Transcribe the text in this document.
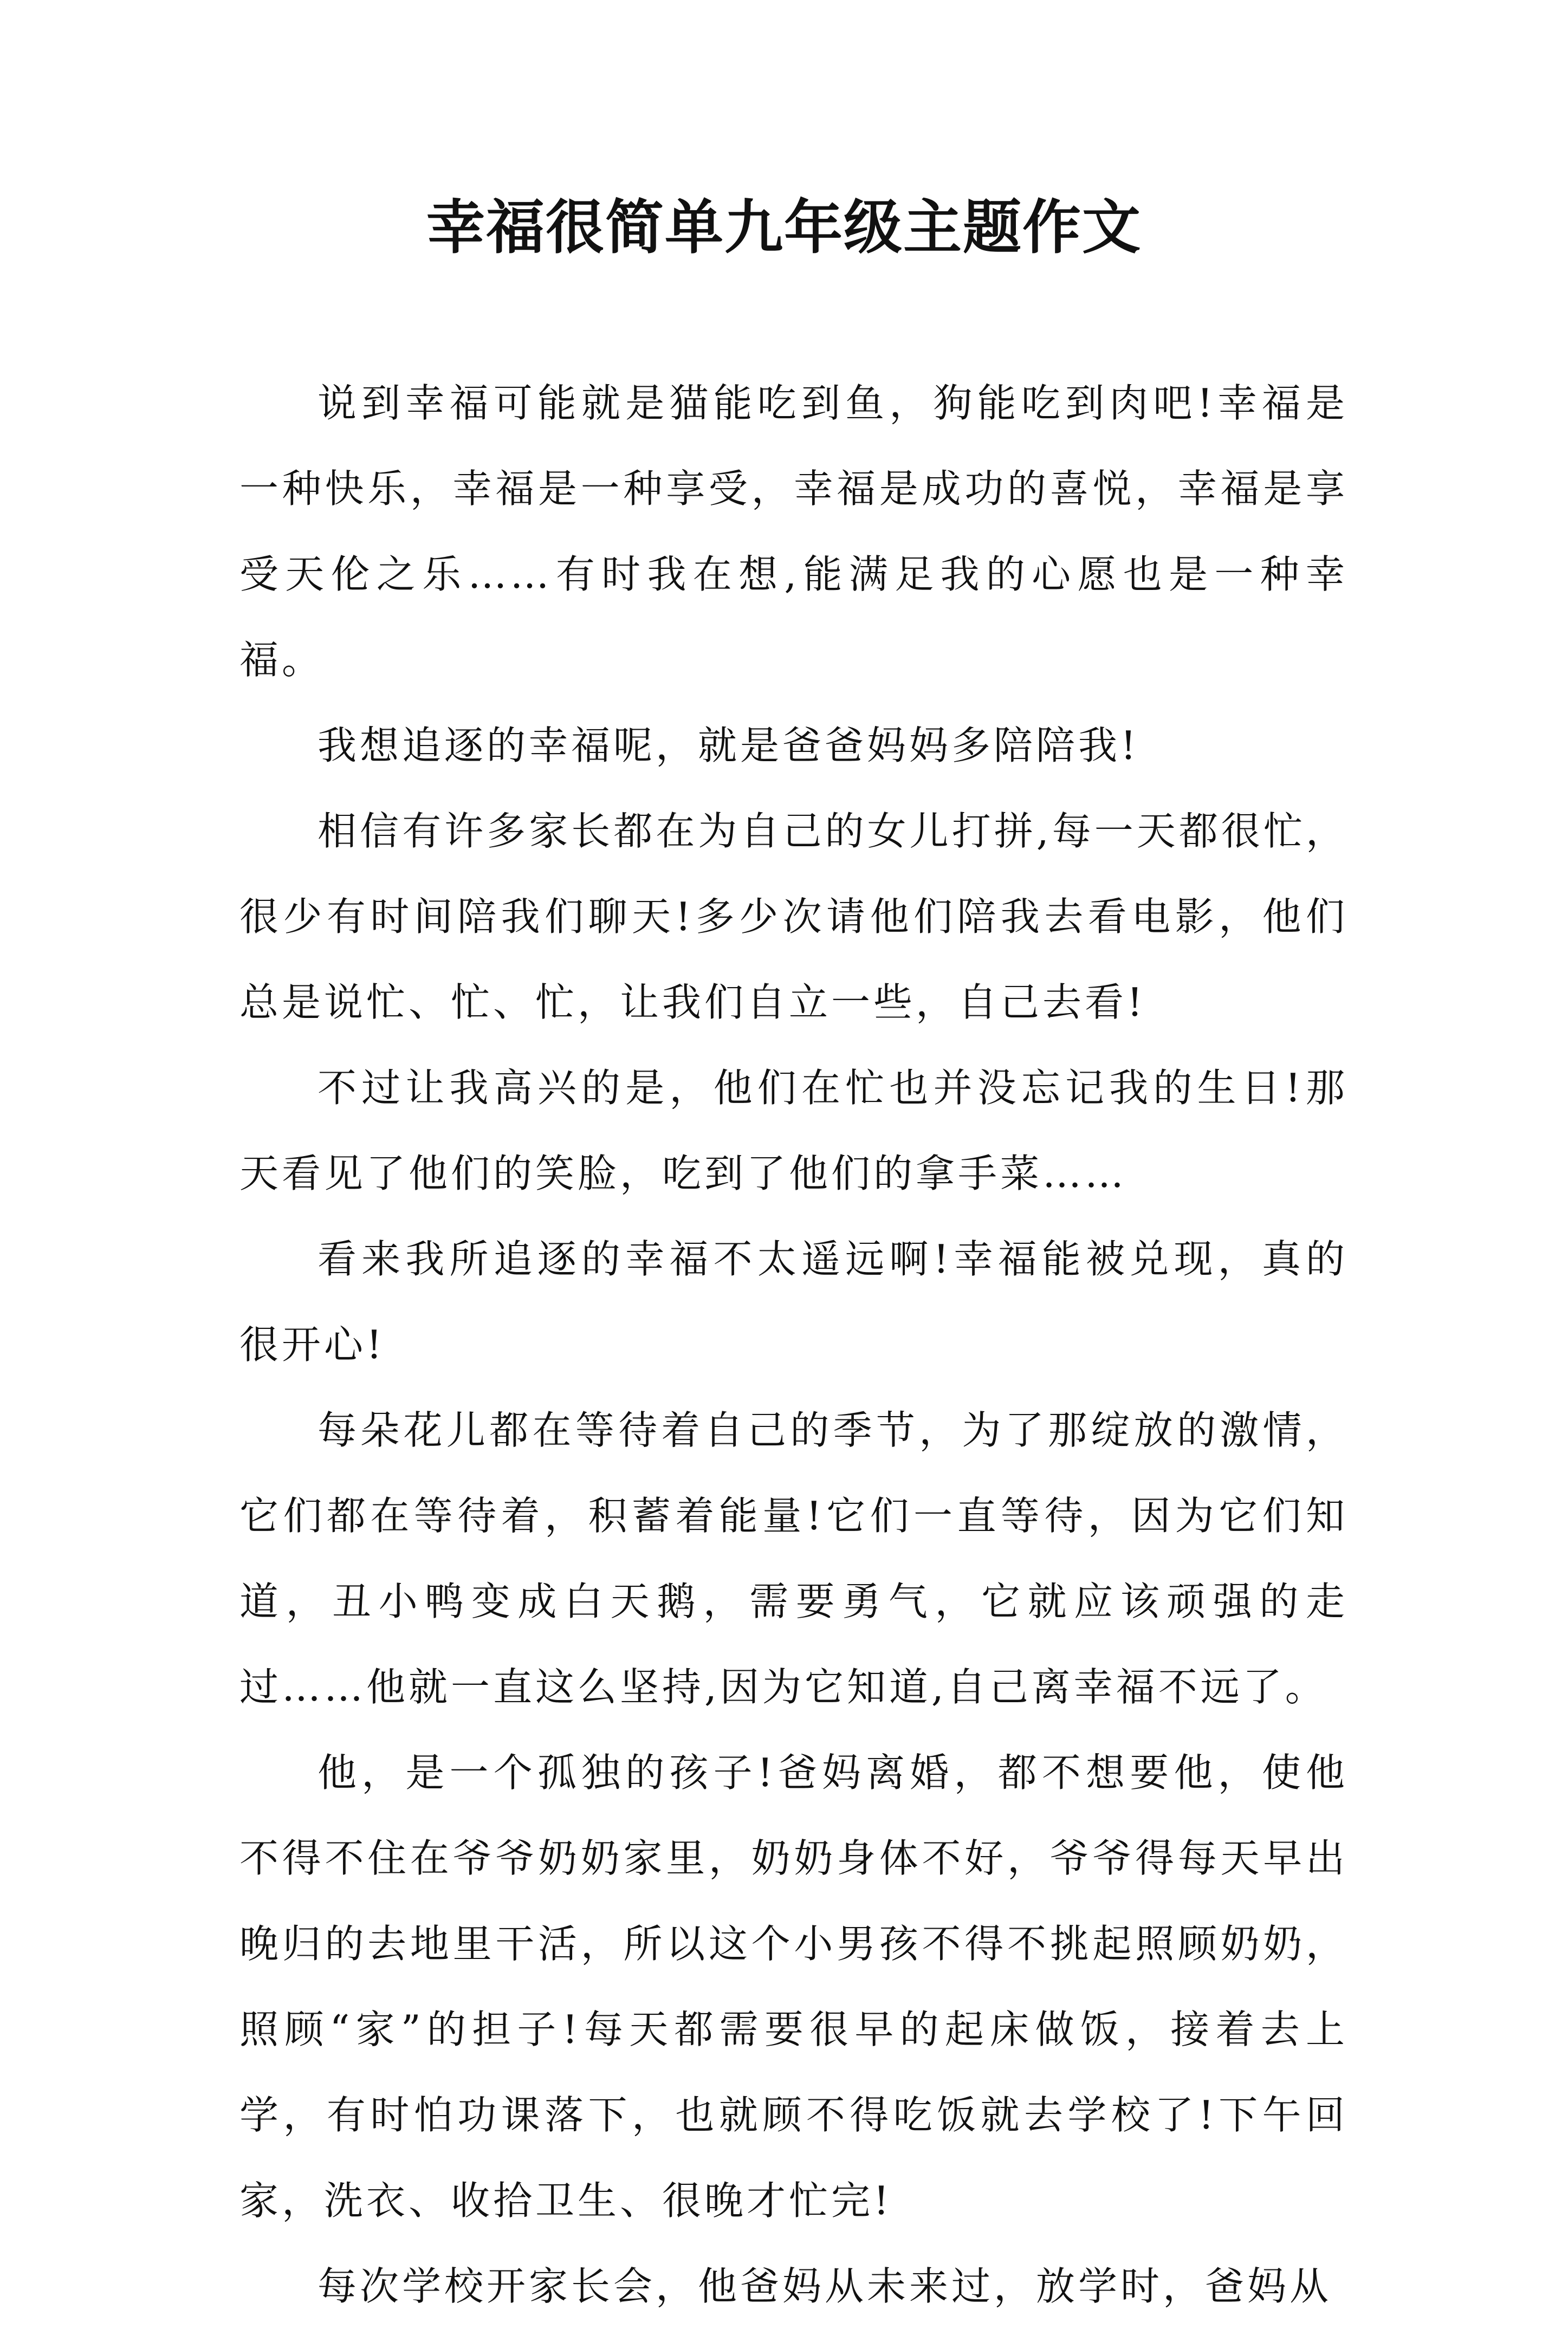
幸福很简单九年级主题作文

说到幸福可能就是猫能吃到鱼，狗能吃到肉吧!幸福是一种快乐，幸福是一种享受，幸福是成功的喜悦，幸福是享受天伦之乐……有时我在想,能满足我的心愿也是一种幸福。

我想追逐的幸福呢，就是爸爸妈妈多陪陪我!

相信有许多家长都在为自己的女儿打拼,每一天都很忙，很少有时间陪我们聊天!多少次请他们陪我去看电影，他们总是说忙、忙、忙，让我们自立一些，自己去看!

不过让我高兴的是，他们在忙也并没忘记我的生日!那天看见了他们的笑脸，吃到了他们的拿手菜……

看来我所追逐的幸福不太遥远啊!幸福能被兑现，真的很开心!

每朵花儿都在等待着自己的季节，为了那绽放的激情，它们都在等待着，积蓄着能量!它们一直等待，因为它们知道，丑小鸭变成白天鹅，需要勇气，它就应该顽强的走过……他就一直这么坚持,因为它知道,自己离幸福不远了。

他，是一个孤独的孩子!爸妈离婚，都不想要他，使他不得不住在爷爷奶奶家里，奶奶身体不好，爷爷得每天早出晚归的去地里干活，所以这个小男孩不得不挑起照顾奶奶，照顾“家”的担子!每天都需要很早的起床做饭，接着去上学，有时怕功课落下，也就顾不得吃饭就去学校了!下午回家，洗衣、收拾卫生、很晚才忙完!

每次学校开家长会，他爸妈从未来过，放学时，爸妈从
